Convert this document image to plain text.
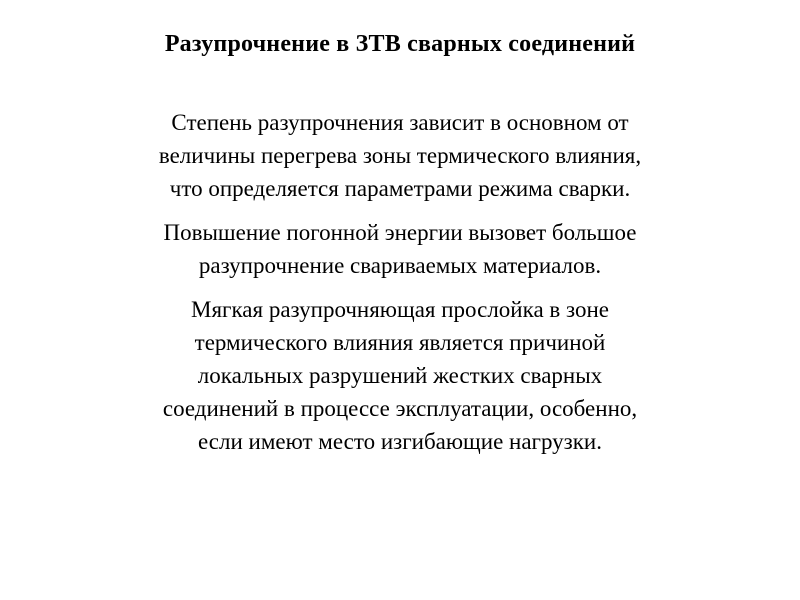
Разупрочнение в ЗТВ сварных соединений

Степень разупрочнения зависит в основном от
величины перегрева зоны термического влияния,
что определяется параметрами режима сварки.

Повышение погонной энергии вызовет большое
разупрочнение свариваемых материалов.

Мягкая разупрочняющая прослойка в зоне
термического влияния является причиной
локальных разрушений жестких сварных
соединений в процессе эксплуатации, особенно,
если имеют место изгибающие нагрузки.
